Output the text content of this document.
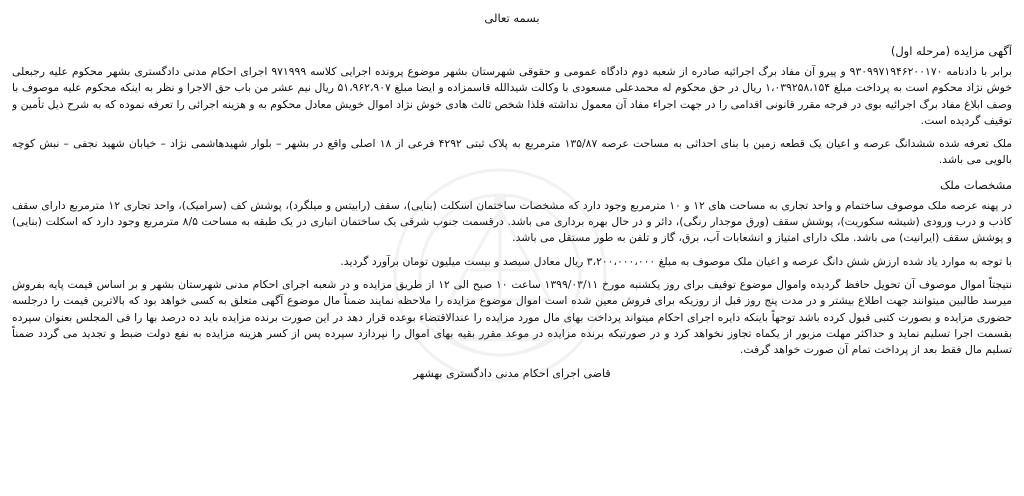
بسمه تعالی
آگهی مزایده (مرحله اول)

برابر با دادنامه ۹۳۰۹۹۷۱۹۴۶۲۰۰۱۷۰ و پیرو آن مفاد برگ اجرائیه صادره از شعبه دوم دادگاه عمومی و حقوقی شهرستان بشهر موضوع پرونده اجرایی کلاسه ۹۷۱۹۹۹ اجرای احکام مدنی دادگستری بشهر محکوم علیه رجبعلی خوش نژاد محکوم است به پرداخت مبلغ ۱،۰۳۹۲۵۸،۱۵۴ ریال در حق محکوم له محمدعلی مسعودی با وکالت شیدالله قاسمزاده و ایضا مبلغ ۵۱،۹۶۲،۹۰۷ ریال نیم عشر من باب حق الاجرا و نظر به اینکه محکوم علیه موصوف با وصف ابلاغ مفاد برگ اجرائیه بوی در فرجه مقرر قانونی اقدامی را در جهت اجراء مفاد آن معمول نداشته فلذا شخص ثالث هادی خوش نژاد اموال خویش معادل محکوم به و هزینه اجرائی را تعرفه نموده که به شرح ذیل تأمین و توقیف گردیده است.

ملک تعرفه شده ششدانگ عرصه و اعیان یک قطعه زمین با بنای احداثی به مساحت عرصه ۱۳۵/۸۷ مترمربع به پلاک ثبتی ۴۲۹۲ فرعی از ۱۸ اصلی واقع در بشهر – بلوار شهیدهاشمی نژاد – خیابان شهید نجفی – نبش کوچه بالویی می باشد.

مشخصات ملک

در پهنه عرصه ملک موصوف ساختمام و واحد تجاری به مساحت های ۱۲ و ۱۰ مترمربع وجود دارد که مشخصات ساختمان اسکلت (بنایی)، سقف (رابیتس و میلگرد)، پوشش کف (سرامیک)، واحد تجاری ۱۲ مترمربع دارای سقف کاذب و درب ورودی (شیشه سکوریت)، پوشش سقف (ورق موجدار رنگی)، دائر و در حال بهره برداری می باشد. درقسمت جنوب شرقی یک ساختمان انباری در یک طبقه به مساحت ۸/۵ مترمربع وجود دارد که اسکلت (بنایی) و پوشش سقف (ایرانیت) می باشد. ملک دارای امتیاز و انشعابات آب، برق، گاز و تلفن به طور مستقل می باشد.

با توجه به موارد یاد شده ارزش شش دانگ عرصه و اعیان ملک موصوف به مبلغ ۳،۲۰۰،۰۰۰،۰۰۰ ریال معادل سیصد و بیست میلیون تومان برآورد گردید.

نتیجتاً اموال موصوف آن تحویل حافظ گردیده واموال موضوع توقیف برای روز یکشنبه مورخ ۱۳۹۹/۰۳/۱۱ ساعت ۱۰ صبح الی ۱۲ از طریق مزایده و در شعبه اجرای احکام مدنی شهرستان بشهر و بر اساس قیمت پایه بفروش میرسد طالبین میتوانند جهت اطلاع بیشتر و در مدت پنج روز قبل از روزیکه برای فروش معین شده است اموال موضوع مزایده را ملاحظه نمایند ضمناً مال موضوع آگهی متعلق به کسی خواهد بود که بالاترین قیمت را درجلسه حضوری مزایده و بصورت کتبی قبول کرده باشد توجهاً باینکه دایره اجرای احکام میتواند پرداخت بهای مال مورد مزایده را عندالاقتضاء بوعده قرار دهد در این صورت برنده مزایده باید ده درصد بها را فی المجلس بعنوان سپرده بقسمت اجرا تسلیم نماید و حداکثر مهلت مزبور از یکماه تجاوز نخواهد کرد و در صورتیکه برنده مزایده در موعد مقرر بقیه بهای اموال را نپردازد سپرده پس از کسر هزینه مزایده به نفع دولت ضبط و تجدید می گردد ضمناً تسلیم مال فقط بعد از پرداخت تمام آن صورت خواهد گرفت.

قاضی اجرای احکام مدنی دادگستری بهشهر
